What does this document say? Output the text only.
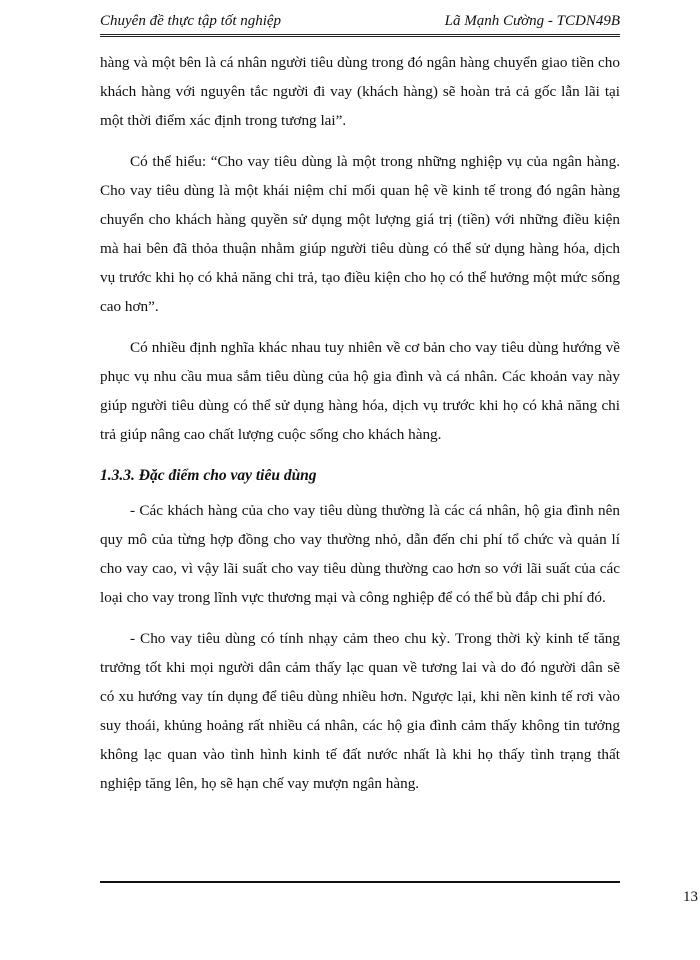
Chuyên đề thực tập tốt nghiệp	Lã Mạnh Cường - TCDN49B

hàng và một bên là cá nhân người tiêu dùng trong đó ngân hàng chuyển giao tiền cho khách hàng với nguyên tắc người đi vay (khách hàng) sẽ hoàn trả cả gốc lẫn lãi tại một thời điểm xác định trong tương lai”.

Có thể hiểu: “Cho vay tiêu dùng là một trong những nghiệp vụ của ngân hàng. Cho vay tiêu dùng là một khái niệm chỉ mối quan hệ về kinh tế trong đó ngân hàng chuyển cho khách hàng quyền sử dụng một lượng giá trị (tiền) với những điều kiện mà hai bên đã thỏa thuận nhằm giúp người tiêu dùng có thể sử dụng hàng hóa, dịch vụ trước khi họ có khả năng chi trả, tạo điều kiện cho họ có thể hưởng một mức sống cao hơn”.

Có nhiều định nghĩa khác nhau tuy nhiên về cơ bản cho vay tiêu dùng hướng về phục vụ nhu cầu mua sắm tiêu dùng của hộ gia đình và cá nhân. Các khoản vay này giúp người tiêu dùng có thể sử dụng hàng hóa, dịch vụ trước khi họ có khả năng chi trả giúp nâng cao chất lượng cuộc sống cho khách hàng.

1.3.3. Đặc điểm cho vay tiêu dùng

- Các khách hàng của cho vay tiêu dùng thường là các cá nhân, hộ gia đình nên quy mô của từng hợp đồng cho vay thường nhỏ, dẫn đến chi phí tổ chức và quản lí cho vay cao, vì vậy lãi suất cho vay tiêu dùng thường cao hơn so với lãi suất của các loại cho vay trong lĩnh vực thương mại và công nghiệp để có thể bù đắp chi phí đó.

- Cho vay tiêu dùng có tính nhạy cảm theo chu kỳ. Trong thời kỳ kinh tế tăng trưởng tốt khi mọi người dân cảm thấy lạc quan về tương lai và do đó người dân sẽ có xu hướng vay tín dụng để tiêu dùng nhiều hơn. Ngược lại, khi nền kinh tế rơi vào suy thoái, khủng hoảng rất nhiều cá nhân, các hộ gia đình cảm thấy không tin tưởng không lạc quan vào tình hình kinh tế đất nước nhất là khi họ thấy tình trạng thất nghiệp tăng lên, họ sẽ hạn chế vay mượn ngân hàng.

13
